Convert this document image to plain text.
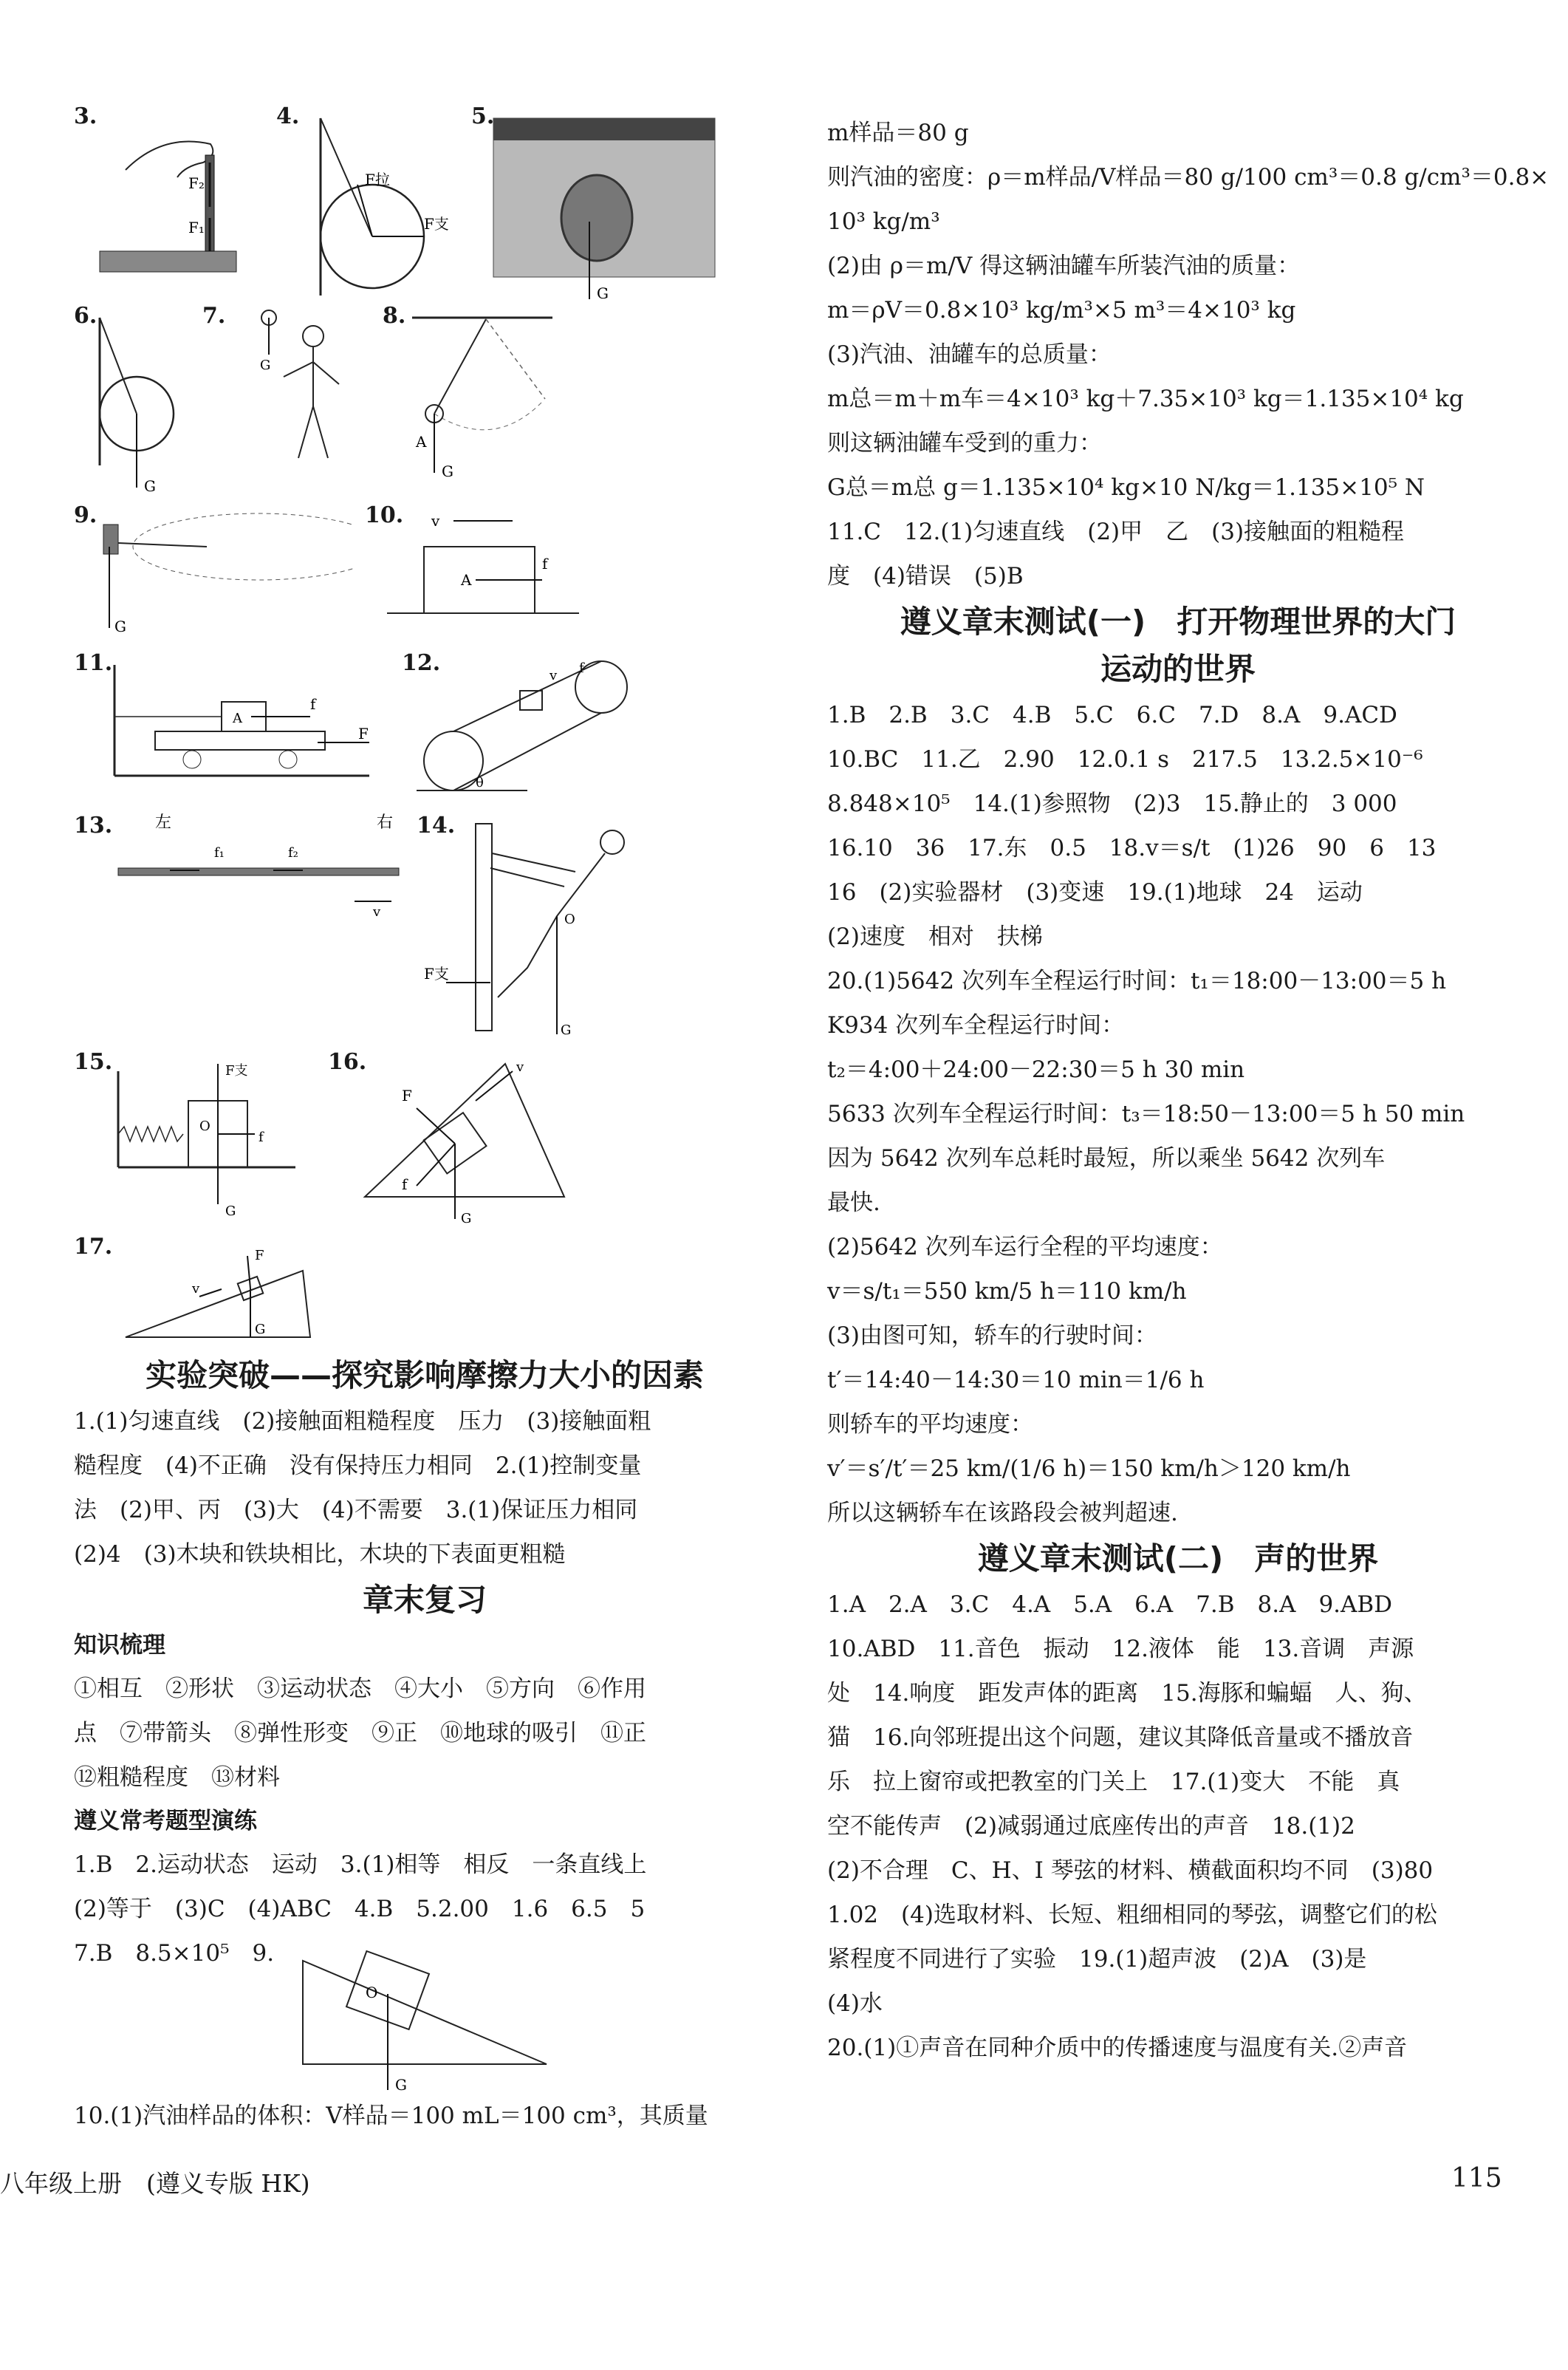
3.
F₁
F₂
4.
F拉
F支
5.
G
6.
G
7.
G
8.
A
G
9.
G
10. v
A
f
11.
A
f
F
12.
θ
v f
13.	左	右
f₁	f₂
v
14.
F支
O
G
15.	F支
O
f
G
16.
F
f
v
G
17.	F
v
G
实验突破——探究影响摩擦力大小的因素
1.(1)匀速直线　(2)接触面粗糙程度　压力　(3)接触面粗
糙程度　(4)不正确　没有保持压力相同　2.(1)控制变量
法　(2)甲、丙　(3)大　(4)不需要　3.(1)保证压力相同
(2)4　(3)木块和铁块相比，木块的下表面更粗糙
章末复习
知识梳理
①相互　②形状　③运动状态　④大小　⑤方向　⑥作用
点　⑦带箭头　⑧弹性形变　⑨正　⑩地球的吸引　⑪正
⑫粗糙程度　⑬材料
遵义常考题型演练
1.B　2.运动状态　运动　3.(1)相等　相反　一条直线上
(2)等于　(3)C　(4)ABC　4.B　5.2.00　1.6　6.5　5
7.B　8.5×10⁵　9.
O
G
10.(1)汽油样品的体积：V样品＝100 mL＝100 cm³，其质量
八年级上册　(遵义专版 HK)
m样品＝80 g
则汽油的密度：ρ＝m样品/V样品＝80 g/100 cm³＝0.8 g/cm³＝0.8×
10³ kg/m³
(2)由 ρ＝m/V 得这辆油罐车所装汽油的质量：
m＝ρV＝0.8×10³ kg/m³×5 m³＝4×10³ kg
(3)汽油、油罐车的总质量：
m总＝m＋m车＝4×10³ kg＋7.35×10³ kg＝1.135×10⁴ kg
则这辆油罐车受到的重力：
G总＝m总 g＝1.135×10⁴ kg×10 N/kg＝1.135×10⁵ N
11.C　12.(1)匀速直线　(2)甲　乙　(3)接触面的粗糙程
度　(4)错误　(5)B
遵义章末测试(一)　打开物理世界的大门
运动的世界
1.B　2.B　3.C　4.B　5.C　6.C　7.D　8.A　9.ACD
10.BC　11.乙　2.90　12.0.1 s　217.5　13.2.5×10⁻⁶
8.848×10⁵　14.(1)参照物　(2)3　15.静止的　3 000
16.10　36　17.东　0.5　18.v＝s/t　(1)26　90　6　13
16　(2)实验器材　(3)变速　19.(1)地球　24　运动
(2)速度　相对　扶梯
20.(1)5642 次列车全程运行时间：t₁＝18:00－13:00＝5 h
K934 次列车全程运行时间：
t₂＝4:00＋24:00－22:30＝5 h 30 min
5633 次列车全程运行时间：t₃＝18:50－13:00＝5 h 50 min
因为 5642 次列车总耗时最短，所以乘坐 5642 次列车
最快.
(2)5642 次列车运行全程的平均速度：
v＝s/t₁＝550 km/5 h＝110 km/h
(3)由图可知，轿车的行驶时间：
t′＝14:40－14:30＝10 min＝1/6 h
则轿车的平均速度：
v′＝s′/t′＝25 km/(1/6 h)＝150 km/h＞120 km/h
所以这辆轿车在该路段会被判超速.
遵义章末测试(二)　声的世界
1.A　2.A　3.C　4.A　5.A　6.A　7.B　8.A　9.ABD
10.ABD　11.音色　振动　12.液体　能　13.音调　声源
处　14.响度　距发声体的距离　15.海豚和蝙蝠　人、狗、
猫　16.向邻班提出这个问题，建议其降低音量或不播放音
乐　拉上窗帘或把教室的门关上　17.(1)变大　不能　真
空不能传声　(2)减弱通过底座传出的声音　18.(1)2
(2)不合理　C、H、I 琴弦的材料、横截面积均不同　(3)80
1.02　(4)选取材料、长短、粗细相同的琴弦，调整它们的松
紧程度不同进行了实验　19.(1)超声波　(2)A　(3)是
(4)水
20.(1)①声音在同种介质中的传播速度与温度有关.②声音
115
